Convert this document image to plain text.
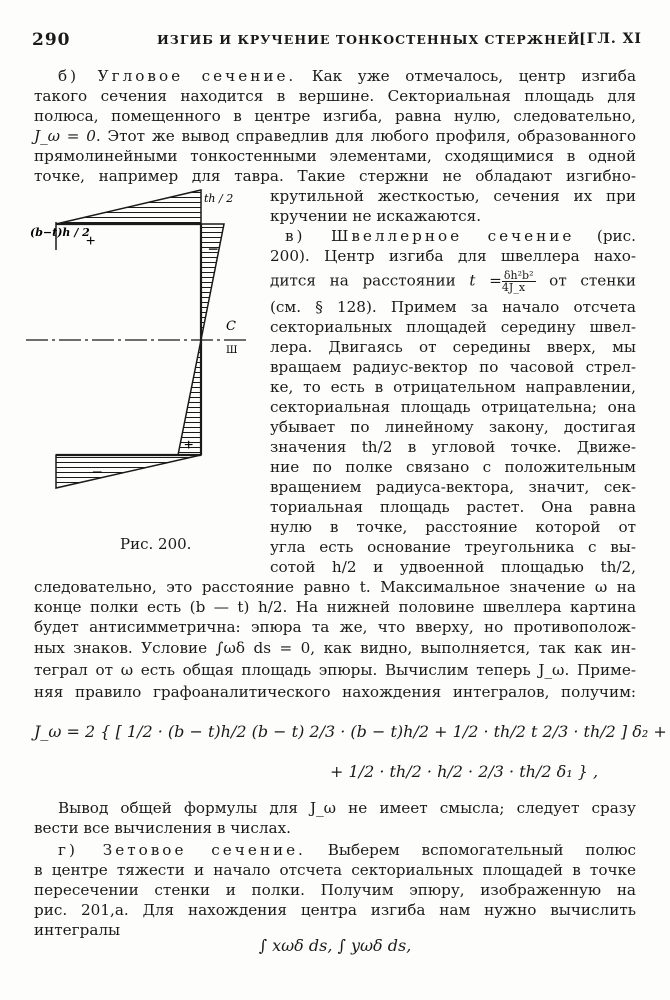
290	ИЗГИБ И КРУЧЕНИЕ ТОНКОСТЕННЫХ СТЕРЖНЕЙ
[ГЛ. XI
б) Угловое сечение. Как уже отмечалось, центр изгиба
такого сечения находится в вершине. Секториальная площадь для
полюса, помещенного в центре изгиба, равна нулю, следовательно,
J_ω = 0. Этот же вывод справедлив для любого профиля, образованного
прямолинейными тонкостенными элементами, сходящимися в одной
точке, например для тавра. Такие стержни не обладают изгибно-
крутильной жесткостью, сечения их при
кручении не искажаются.
в) Швеллерное сечение (рис.
200). Центр изгиба для швеллера нахо-
дится на расстоянии $t = \frac{\text{δh²b²}}{4J\_x}$ от стенки
(см. § 128). Примем за начало отсчета
секториальных площадей середину швел-
лера. Двигаясь от середины вверх, мы
вращаем радиус-вектор по часовой стрел-
ке, то есть в отрицательном направлении,
секториальная площадь отрицательна; она
убывает по линейному закону, достигая
значения th/2 в угловой точке. Движе-
ние по полке связано с положительным
вращением радиуса-вектора, значит, сек-
ториальная площадь растет. Она равна
нулю в точке, расстояние которой от
угла есть основание треугольника с вы-
сотой h/2 и удвоенной площадью th/2,
следовательно, это расстояние равно t. Максимальное значение ω на
конце полки есть (b — t) h/2. На нижней половине швеллера картина
будет антисимметрична: эпюра та же, что вверху, но противополож-
ных знаков. Условие ∫ωδ ds = 0, как видно, выполняется, так как ин-
теграл от ω есть общая площадь эпюры. Вычислим теперь J_ω. Приме-
няя правило графоаналитического нахождения интегралов, получим:
J_ω = 2 { [ 1/2 · (b − t)h/2 (b − t) 2/3 · (b − t)h/2 + 1/2 · th/2 t 2/3 · th/2 ] δ₂ +
+ 1/2 · th/2 · h/2 · 2/3 · th/2 δ₁ } ,
Вывод общей формулы для J_ω не имеет смысла; следует сразу
вести все вычисления в числах.
г) Зетовое сечение. Выберем вспомогательный полюс
в центре тяжести и начало отсчета секториальных площадей в точке
пересечении стенки и полки. Получим эпюру, изображенную на
рис. 201,а. Для нахождения центра изгиба нам нужно вычислить
интегралы
∫ xωδ ds, ∫ yωδ ds,
+	−
+
−
(b−t)h / 2
th / 2
C
Ш
Рис. 200.
